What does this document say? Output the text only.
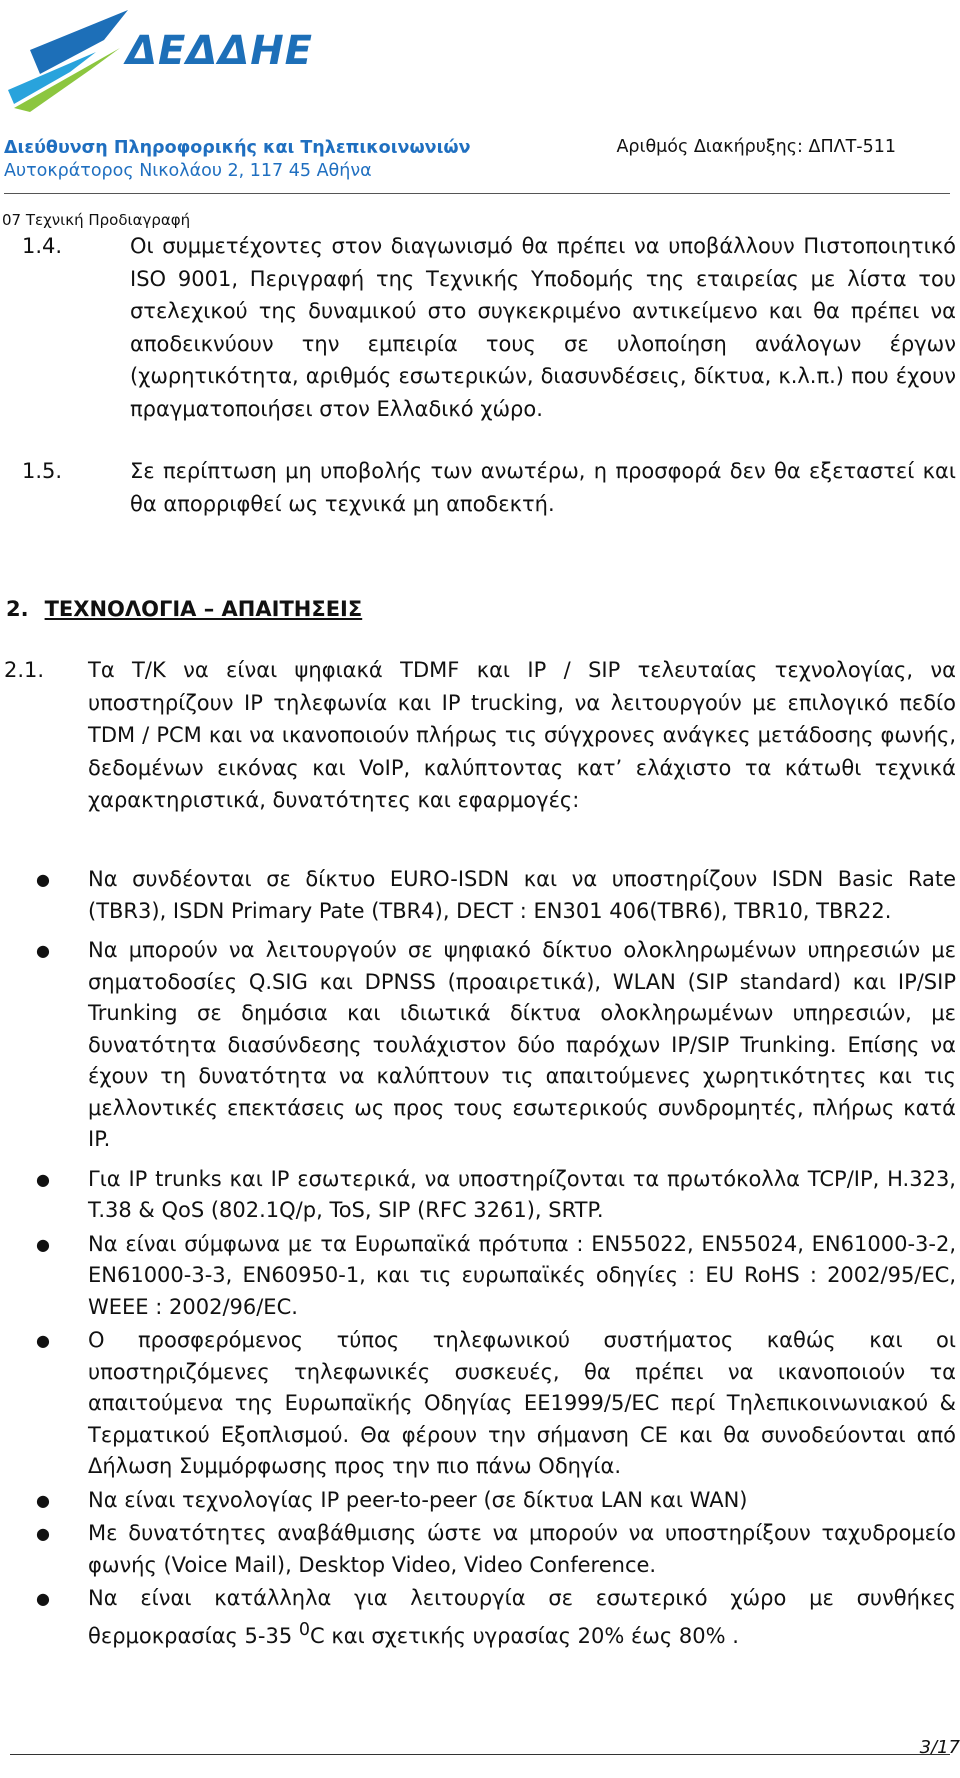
ΔΕΔΔΗΕ
Διεύθυνση Πληροφορικής και Τηλεπικοινωνιών
Αυτοκράτορος Νικολάου 2, 117 45 Αθήνα
Αριθμός Διακήρυξης: ΔΠΛΤ-511
07 Τεχνική Προδιαγραφή
1.4.	Οι συμμετέχοντες στον διαγωνισμό θα πρέπει να υποβάλλουν Πιστοποιητικό ISO 9001, Περιγραφή της Τεχνικής Υποδομής της εταιρείας με λίστα του στελεχικού της δυναμικού στο συγκεκριμένο αντικείμενο και θα πρέπει να αποδεικνύουν την εμπειρία τους σε υλοποίηση ανάλογων έργων (χωρητικότητα, αριθμός εσωτερικών, διασυνδέσεις, δίκτυα, κ.λ.π.) που έχουν πραγματοποιήσει στον Ελλαδικό χώρο.
1.5.	Σε περίπτωση μη υποβολής των ανωτέρω, η προσφορά δεν θα εξεταστεί και θα απορριφθεί ως τεχνικά μη αποδεκτή.
2. ΤΕΧΝΟΛΟΓΙΑ – ΑΠΑΙΤΗΣΕΙΣ
2.1. Τα Τ/Κ να είναι ψηφιακά TDMF και IP / SIP τελευταίας τεχνολογίας, να υποστηρίζουν IP τηλεφωνία και IP trucking, να λειτουργούν με επιλογικό πεδίο TDM / PCM και να ικανοποιούν πλήρως τις σύγχρονες ανάγκες μετάδοσης φωνής, δεδομένων εικόνας και VoIP, καλύπτοντας κατ’ ελάχιστο τα κάτωθι τεχνικά χαρακτηριστικά, δυνατότητες και εφαρμογές:
● Να συνδέονται σε δίκτυο EURO-ISDN και να υποστηρίζουν ISDN Basic Rate (TBR3), ISDN Primary Pate (TBR4), DECT : EN301 406(TBR6), TBR10, TBR22.
● Να μπορούν να λειτουργούν σε ψηφιακό δίκτυο ολοκληρωμένων υπηρεσιών με σηματοδοσίες Q.SIG και DPNSS (προαιρετικά), WLAN (SIP standard) και IP/SIP Trunking σε δημόσια και ιδιωτικά δίκτυα ολοκληρωμένων υπηρεσιών, με δυνατότητα διασύνδεσης τουλάχιστον δύο παρόχων IP/SIP Trunking. Επίσης να έχουν τη δυνατότητα να καλύπτουν τις απαιτούμενες χωρητικότητες και τις μελλοντικές επεκτάσεις ως προς τους εσωτερικούς συνδρομητές, πλήρως κατά IP.
● Για IP trunks και IP εσωτερικά, να υποστηρίζονται τα πρωτόκολλα TCP/IP, H.323, T.38 & QoS (802.1Q/p, ToS, SIP (RFC 3261), SRTP.
● Να είναι σύμφωνα με τα Ευρωπαϊκά πρότυπα : EN55022, EN55024, EN61000-3-2, EN61000-3-3, EN60950-1, και τις ευρωπαϊκές οδηγίες : EU RoHS : 2002/95/EC, WEEE : 2002/96/EC.
● Ο προσφερόμενος τύπος τηλεφωνικού συστήματος καθώς και οι υποστηριζόμενες τηλεφωνικές συσκευές, θα πρέπει να ικανοποιούν τα απαιτούμενα της Ευρωπαϊκής Οδηγίας ΕΕ1999/5/EC περί Τηλεπικοινωνιακού & Τερματικού Εξοπλισμού. Θα φέρουν την σήμανση CE και θα συνοδεύονται από Δήλωση Συμμόρφωσης προς την πιο πάνω Οδηγία.
● Να είναι τεχνολογίας IP peer-to-peer (σε δίκτυα LAN και WAN)
● Με δυνατότητες αναβάθμισης ώστε να μπορούν να υποστηρίξουν ταχυδρομείο φωνής (Voice Mail), Desktop Video, Video Conference.
● Να είναι κατάλληλα για λειτουργία σε εσωτερικό χώρο με συνθήκες θερμοκρασίας 5-35 $^0$C και σχετικής υγρασίας 20% έως 80% .
3/17
